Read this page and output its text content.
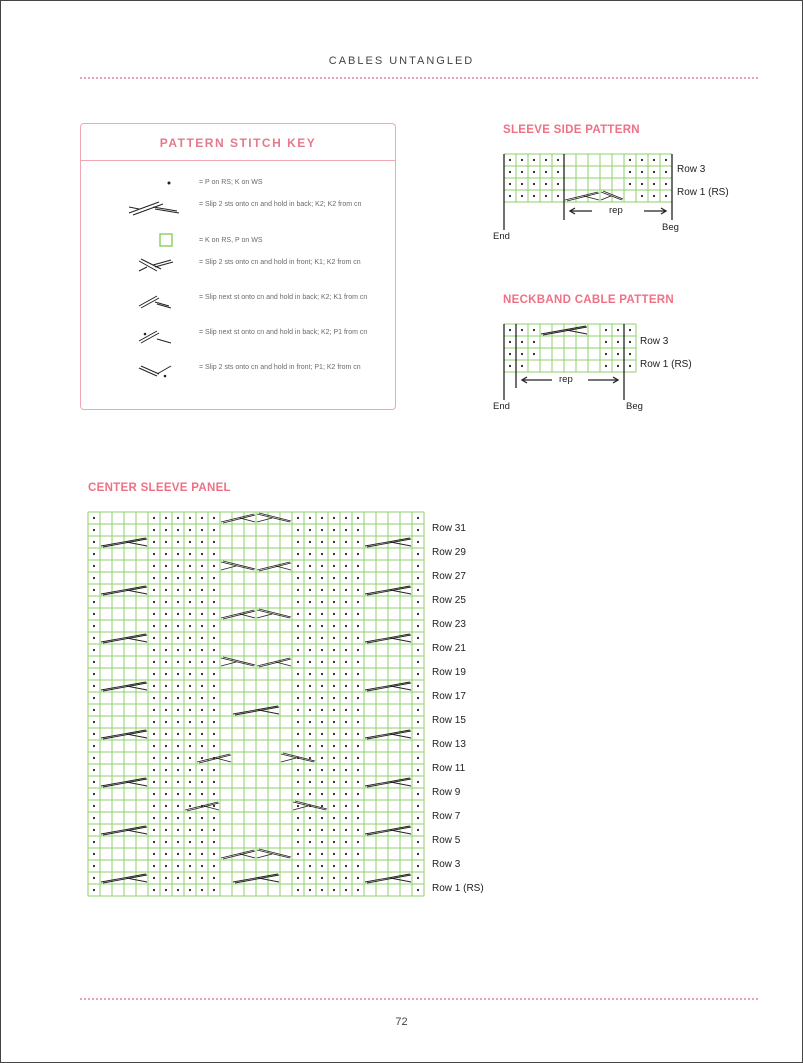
CABLES UNTANGLED
PATTERN STITCH KEY
= P on RS; K on WS
= Slip 2 sts onto cn and hold in back; K2; K2 from cn
= K on RS, P on WS
= Slip 2 sts onto cn and hold in front; K1; K2 from cn
= Slip next st onto cn and hold in back; K2; K1 from cn
= Slip next st onto cn and hold in back; K2; P1 from cn
= Slip 2 sts onto cn and hold in front; P1; K2 from cn
SLEEVE SIDE PATTERN
rep
End
Beg
Row 3
Row 1 (RS)
NECKBAND CABLE PATTERN
rep
End	Beg
Row 3
Row 1 (RS)
CENTER SLEEVE PANEL
Row 31
Row 29
Row 27
Row 25
Row 23
Row 21
Row 19
Row 17
Row 15
Row 13
Row 11
Row 9
Row 7
Row 5
Row 3
Row 1 (RS)
72
